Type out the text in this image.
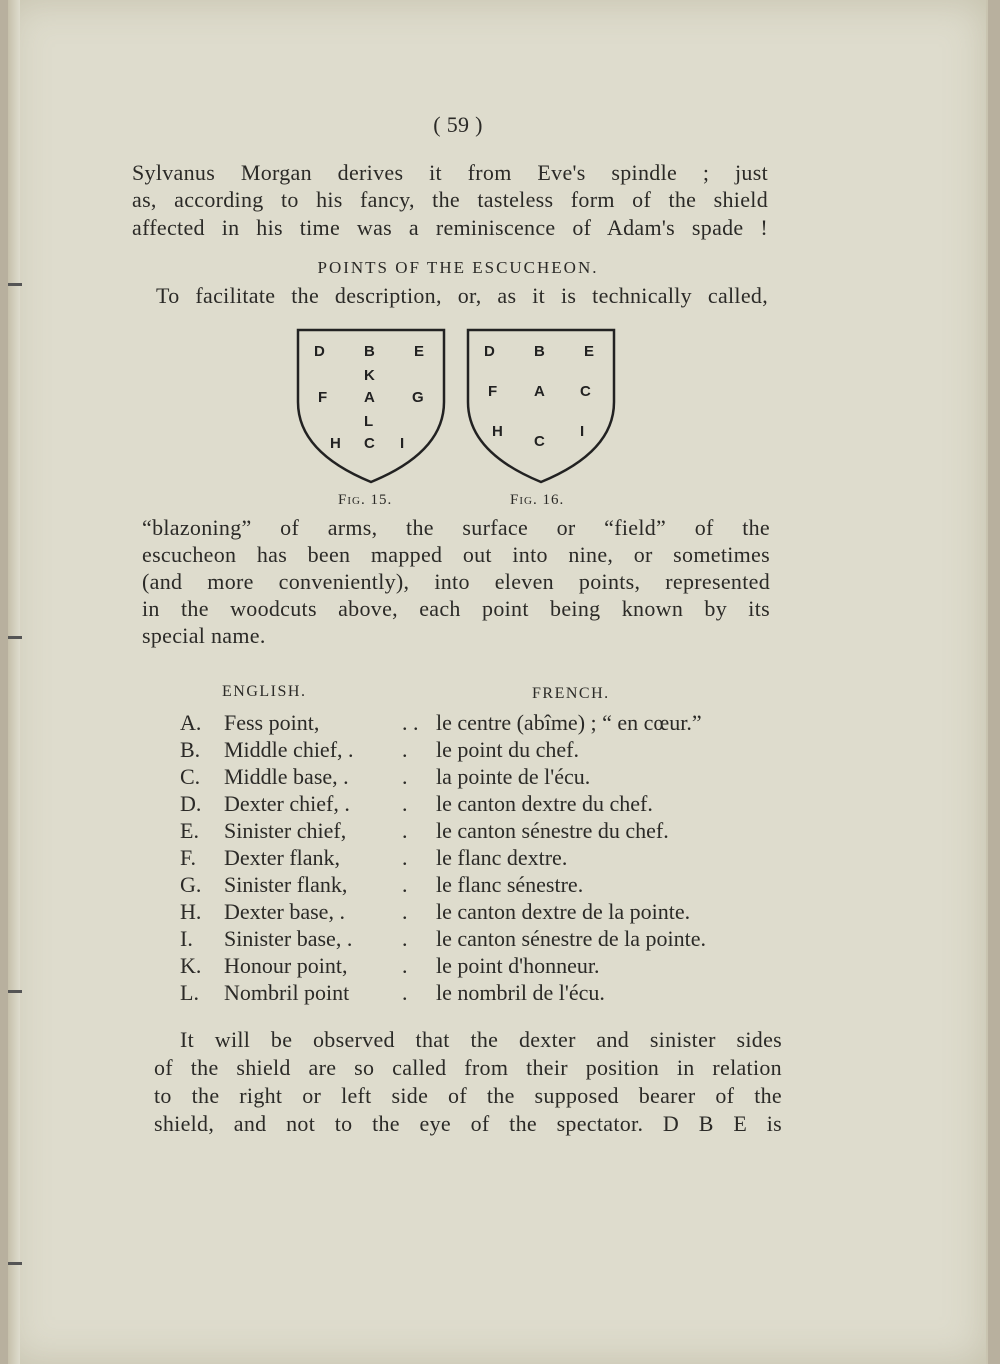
( 59 )
Sylvanus Morgan derives it from Eve's spindle ; just
as, according to his fancy, the tasteless form of the shield
affected in his time was a reminiscence of Adam's spade !
POINTS OF THE ESCUCHEON.
To facilitate the description, or, as it is technically called,
D	B	E
K
F A G
L
H C I
D	B	E
F A C
H
C
I
Fig. 15.	Fig. 16.
“blazoning” of arms, the surface or “field” of the
escucheon has been mapped out into nine, or sometimes
(and more conveniently), into eleven points, represented
in the woodcuts above, each point being known by its
special name.
ENGLISH.	FRENCH.
A. Fess point,	. . le centre (abîme) ; “ en cœur.”
B. Middle chief, . . le point du chef.
C. Middle base, . . la pointe de l'écu.
D. Dexter chief, . . le canton dextre du chef.
E. Sinister chief,	. le canton sénestre du chef.
F. Dexter flank,	. le flanc dextre.
G. Sinister flank, . le flanc sénestre.
H. Dexter base, .	. le canton dextre de la pointe.
I. Sinister base, . . le canton sénestre de la pointe.
K. Honour point, . le point d'honneur.
L. Nombril point . le nombril de l'écu.
It will be observed that the dexter and sinister sides
of the shield are so called from their position in relation
to the right or left side of the supposed bearer of the
shield, and not to the eye of the spectator. D B E is
